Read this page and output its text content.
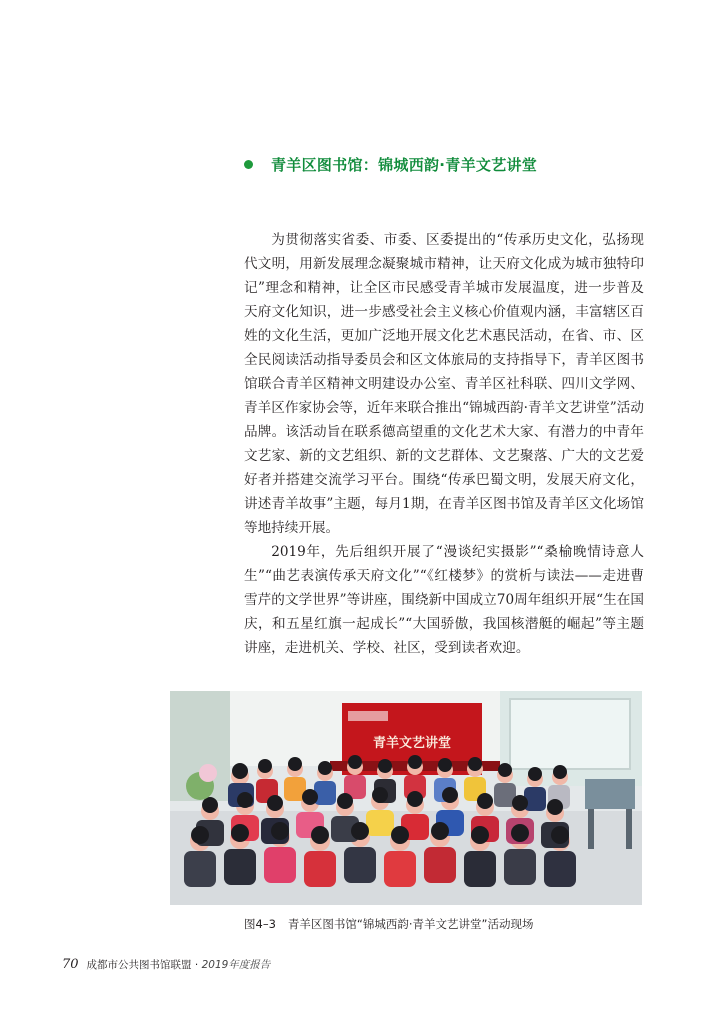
青羊区图书馆：锦城西韵·青羊文艺讲堂

为贯彻落实省委、市委、区委提出的“传承历史文化，弘扬现代文明，用新发展理念凝聚城市精神，让天府文化成为城市独特印记”理念和精神，让全区市民感受青羊城市发展温度，进一步普及天府文化知识，进一步感受社会主义核心价值观内涵，丰富辖区百姓的文化生活，更加广泛地开展文化艺术惠民活动，在省、市、区全民阅读活动指导委员会和区文体旅局的支持指导下，青羊区图书馆联合青羊区精神文明建设办公室、青羊区社科联、四川文学网、青羊区作家协会等，近年来联合推出“锦城西韵·青羊文艺讲堂”活动品牌。该活动旨在联系德高望重的文化艺术大家、有潜力的中青年文艺家、新的文艺组织、新的文艺群体、文艺聚落、广大的文艺爱好者并搭建交流学习平台。围绕“传承巴蜀文明，发展天府文化，讲述青羊故事”主题，每月1期，在青羊区图书馆及青羊区文化场馆等地持续开展。

2019年，先后组织开展了“漫谈纪实摄影”“桑榆晚情诗意人生”“曲艺表演传承天府文化”“《红楼梦》的赏析与读法——走进曹雪芹的文学世界”等讲座，围绕新中国成立70周年组织开展“生在国庆，和五星红旗一起成长”“大国骄傲，我国核潜艇的崛起”等主题讲座，走进机关、学校、社区，受到读者欢迎。

青羊文艺讲堂
图4–3 青羊区图书馆“锦城西韵·青羊文艺讲堂”活动现场
70 成都市公共图书馆联盟 · 2019年度报告
